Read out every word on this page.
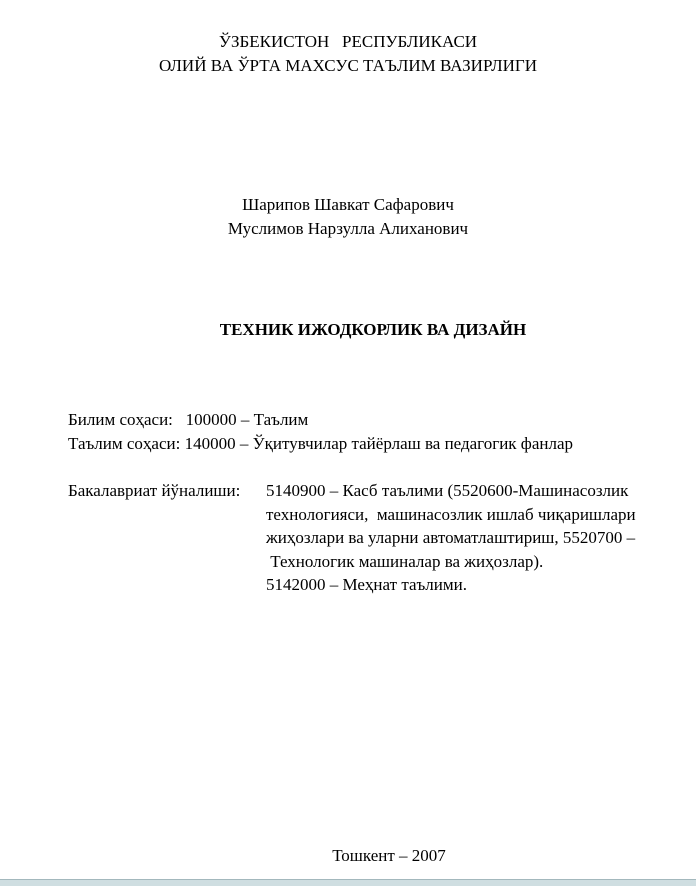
ЎЗБЕКИСТОН   РЕСПУБЛИКАСИ
ОЛИЙ ВА ЎРТА МАХСУС ТАЪЛИМ ВАЗИРЛИГИ
Шарипов Шавкат Сафарович
Муслимов Нарзулла Алиханович
ТЕХНИК ИЖОДКОРЛИК ВА ДИЗАЙН
Билим соҳаси:   100000 – Таълим
Таълим соҳаси: 140000 – Ўқитувчилар тайёрлаш ва педагогик фанлар
Бакалавриат йўналиши:	5140900 – Касб таълими (5520600-Машинасозлик
технологияси,  машинасозлик ишлаб чиқаришлари
жиҳозлари ва уларни автоматлаштириш, 5520700 –
Технологик машиналар ва жиҳозлар).
5142000 – Меҳнат таълими.
Тошкент – 2007
